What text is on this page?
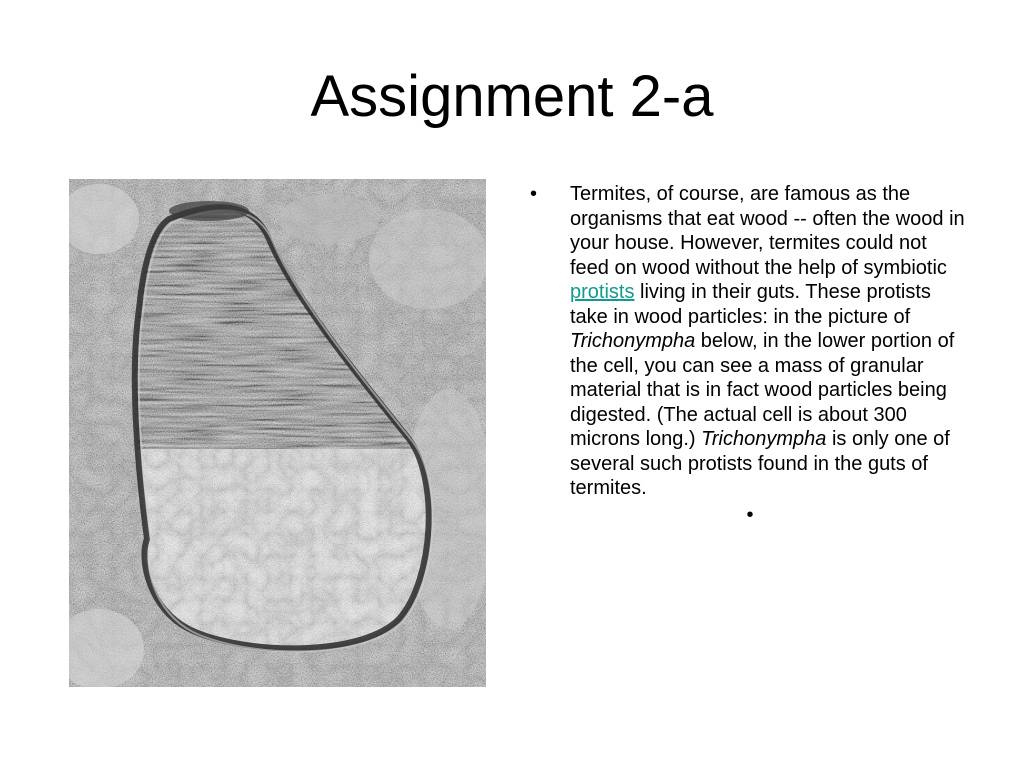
Assignment 2-a
• Termites, of course, are famous as the organisms that eat wood -- often the wood in your house. However, termites could not feed on wood without the help of symbiotic protists living in their guts. These protists take in wood particles: in the picture of
Trichonympha below, in the lower portion of the cell, you can see a mass of granular material that is in fact wood particles being digested. (The actual cell is about 300 microns long.) Trichonympha is only one of several such protists found in the guts of termites.
•
